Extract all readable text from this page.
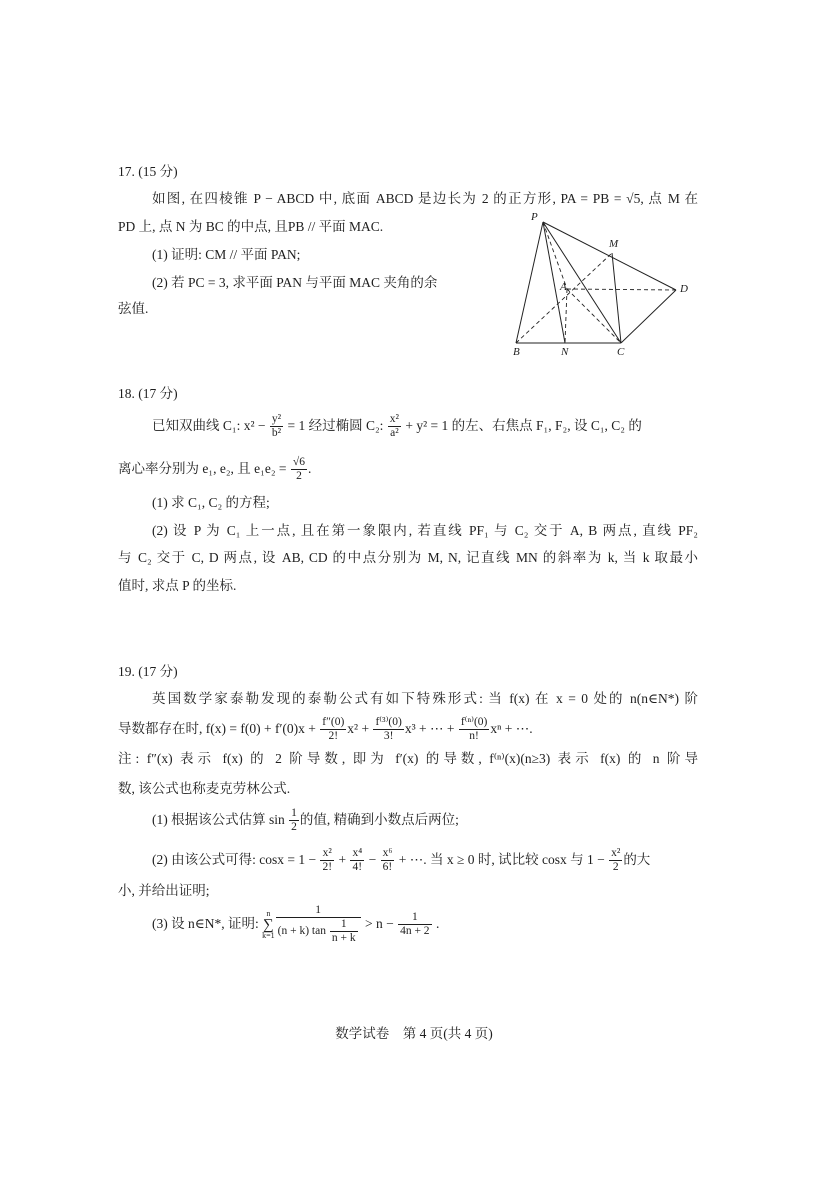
17. (15 分)
如图, 在四棱锥 P − ABCD 中, 底面 ABCD 是边长为 2 的正方形, PA = PB = √5, 点 M 在
PD 上, 点 N 为 BC 的中点, 且PB // 平面 MAC.
(1) 证明: CM // 平面 PAN;
(2) 若 PC = 3, 求平面 PAN 与平面 MAC 夹角的余
弦值.
P
M
A	D
B	N	C
18. (17 分)
已知双曲线 C₁: $x^2 - \frac{\text{y²}}{\text{b²}} = 1$ 经过椭圆 C₂: $\frac{\text{x²}}{\text{a²}} + y^2 = 1$ 的左、右焦点 F₁, F₂, 设 C₁, C₂ 的
离心率分别为 e₁, e₂, 且 $e_1e_2 = \frac{√6}{2}$ .
(1) 求 C₁, C₂ 的方程;
(2) 设 P 为 C₁ 上一点, 且在第一象限内, 若直线 PF₁ 与 C₂ 交于 A, B 两点, 直线 PF₂
与 C₂ 交于 C, D 两点, 设 AB, CD 的中点分别为 M, N, 记直线 MN 的斜率为 k, 当 k 取最小
值时, 求点 P 的坐标.
19. (17 分)
英国数学家泰勒发现的泰勒公式有如下特殊形式: 当 f(x) 在 x = 0 处的 n(n∈N*) 阶
导数都存在时, $f(x) = f(0) + f'(0)x + \frac{f''(0)}{2!} x^2 + \frac{\text{f⁽³⁾(0)}}{3!} x^3$ + ⋯ + $\frac{\text{f⁽ⁿ⁾(0)}}{n!}$ xⁿ + ⋯.
注: f″(x) 表示 f(x) 的 2 阶导数, 即为 f′(x) 的导数, f⁽ⁿ⁾(x)(n≥3) 表示 f(x) 的 n 阶导
数, 该公式也称麦克劳林公式.
(1) 根据该公式估算 $\sin \frac{1}{2}$ 的值, 精确到小数点后两位;
(2) 由该公式可得: $\cos x = 1 - \frac{\text{x²}}{2!} + \frac{\text{x⁴}}{4!} - \frac{\text{x⁶}}{6!}$ + ⋯. 当 x ≥ 0 时, 试比较 cosx 与 $1 - \frac{\text{x²}}{2}$ 的大
小, 并给出证明;
(3) 设 n∈N*, 证明:
n
∑
$k=1 \frac{1}{(n + k) \tan \frac{1}{n + k}} > n - \frac{1}{4n + 2}$ .
数学试卷　第 4 页(共 4 页)
